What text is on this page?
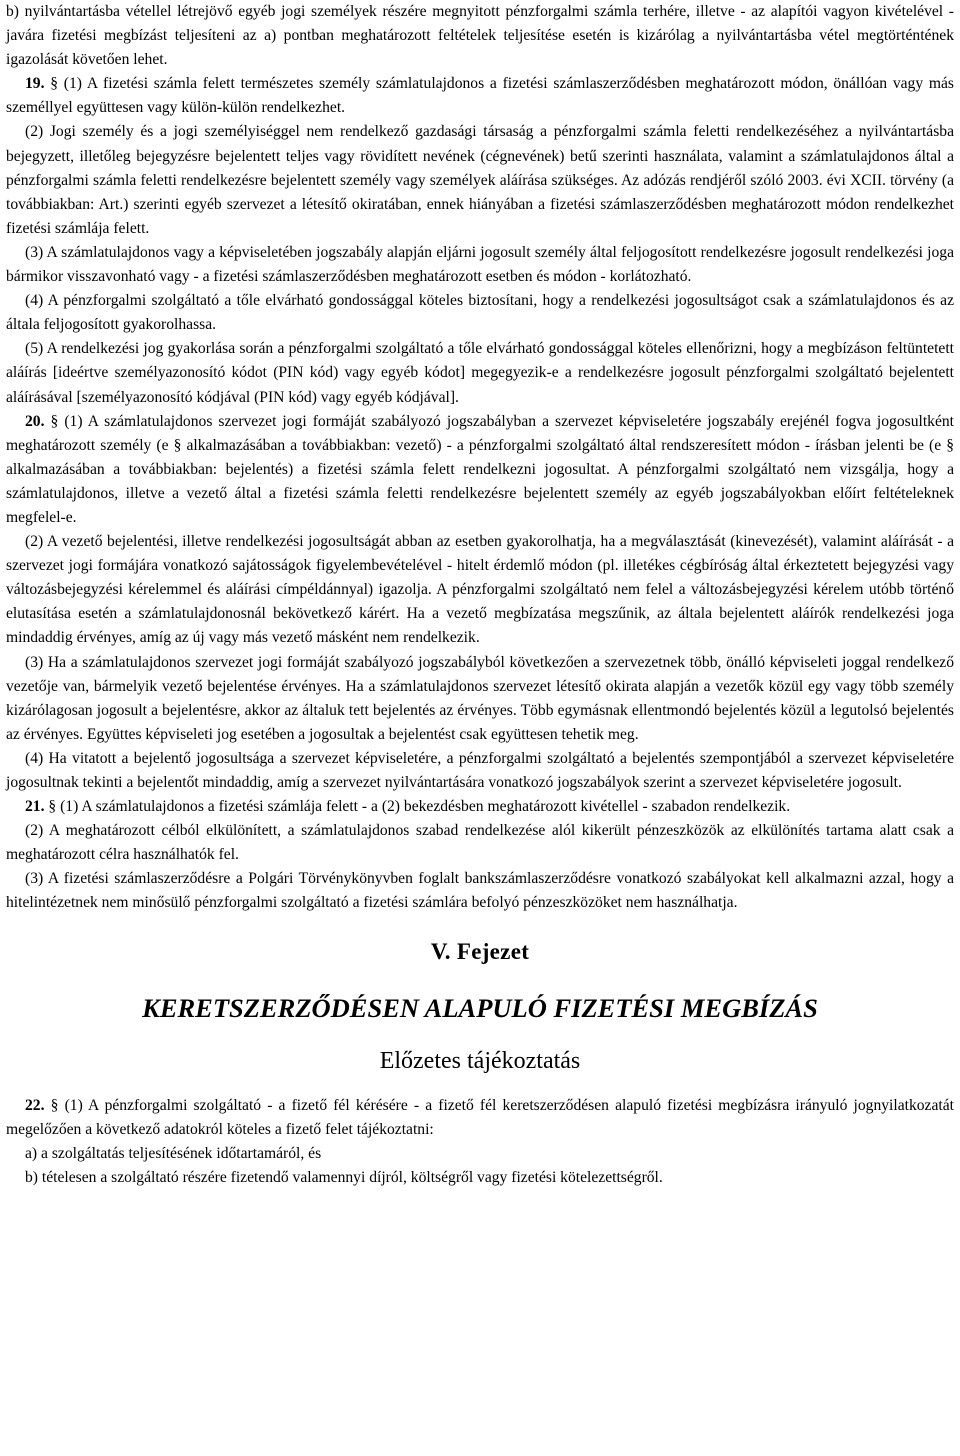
b) nyilvántartásba vétellel létrejövő egyéb jogi személyek részére megnyitott pénzforgalmi számla terhére, illetve - az alapítói vagyon kivételével - javára fizetési megbízást teljesíteni az a) pontban meghatározott feltételek teljesítése esetén is kizárólag a nyilvántartásba vétel megtörténtének igazolását követően lehet.

19. § (1) A fizetési számla felett természetes személy számlatulajdonos a fizetési számlaszerződésben meghatározott módon, önállóan vagy más személlyel együttesen vagy külön-külön rendelkezhet.

(2) Jogi személy és a jogi személyiséggel nem rendelkező gazdasági társaság a pénzforgalmi számla feletti rendelkezéséhez a nyilvántartásba bejegyzett, illetőleg bejegyzésre bejelentett teljes vagy rövidített nevének (cégnevének) betű szerinti használata, valamint a számlatulajdonos által a pénzforgalmi számla feletti rendelkezésre bejelentett személy vagy személyek aláírása szükséges. Az adózás rendjéről szóló 2003. évi XCII. törvény (a továbbiakban: Art.) szerinti egyéb szervezet a létesítő okiratában, ennek hiányában a fizetési számlaszerződésben meghatározott módon rendelkezhet fizetési számlája felett.

(3) A számlatulajdonos vagy a képviseletében jogszabály alapján eljárni jogosult személy által feljogosított rendelkezésre jogosult rendelkezési joga bármikor visszavonható vagy - a fizetési számlaszerződésben meghatározott esetben és módon - korlátozható.

(4) A pénzforgalmi szolgáltató a tőle elvárható gondossággal köteles biztosítani, hogy a rendelkezési jogosultságot csak a számlatulajdonos és az általa feljogosított gyakorolhassa.

(5) A rendelkezési jog gyakorlása során a pénzforgalmi szolgáltató a tőle elvárható gondossággal köteles ellenőrizni, hogy a megbízáson feltüntetett aláírás [ideértve személyazonosító kódot (PIN kód) vagy egyéb kódot] megegyezik-e a rendelkezésre jogosult pénzforgalmi szolgáltató bejelentett aláírásával [személyazonosító kódjával (PIN kód) vagy egyéb kódjával].

20. § (1) A számlatulajdonos szervezet jogi formáját szabályozó jogszabályban a szervezet képviseletére jogszabály erejénél fogva jogosultként meghatározott személy (e § alkalmazásában a továbbiakban: vezető) - a pénzforgalmi szolgáltató által rendszeresített módon - írásban jelenti be (e § alkalmazásában a továbbiakban: bejelentés) a fizetési számla felett rendelkezni jogosultat. A pénzforgalmi szolgáltató nem vizsgálja, hogy a számlatulajdonos, illetve a vezető által a fizetési számla feletti rendelkezésre bejelentett személy az egyéb jogszabályokban előírt feltételeknek megfelel-e.

(2) A vezető bejelentési, illetve rendelkezési jogosultságát abban az esetben gyakorolhatja, ha a megválasztását (kinevezését), valamint aláírását - a szervezet jogi formájára vonatkozó sajátosságok figyelembevételével - hitelt érdemlő módon (pl. illetékes cégbíróság által érkeztetett bejegyzési vagy változásbejegyzési kérelemmel és aláírási címpéldánnyal) igazolja. A pénzforgalmi szolgáltató nem felel a változásbejegyzési kérelem utóbb történő elutasítása esetén a számlatulajdonosnál bekövetkező kárért. Ha a vezető megbízatása megszűnik, az általa bejelentett aláírók rendelkezési joga mindaddig érvényes, amíg az új vagy más vezető másként nem rendelkezik.

(3) Ha a számlatulajdonos szervezet jogi formáját szabályozó jogszabályból következően a szervezetnek több, önálló képviseleti joggal rendelkező vezetője van, bármelyik vezető bejelentése érvényes. Ha a számlatulajdonos szervezet létesítő okirata alapján a vezetők közül egy vagy több személy kizárólagosan jogosult a bejelentésre, akkor az általuk tett bejelentés az érvényes. Több egymásnak ellentmondó bejelentés közül a legutolsó bejelentés az érvényes. Együttes képviseleti jog esetében a jogosultak a bejelentést csak együttesen tehetik meg.

(4) Ha vitatott a bejelentő jogosultsága a szervezet képviseletére, a pénzforgalmi szolgáltató a bejelentés szempontjából a szervezet képviseletére jogosultnak tekinti a bejelentőt mindaddig, amíg a szervezet nyilvántartására vonatkozó jogszabályok szerint a szervezet képviseletére jogosult.

21. § (1) A számlatulajdonos a fizetési számlája felett - a (2) bekezdésben meghatározott kivétellel - szabadon rendelkezik.

(2) A meghatározott célból elkülönített, a számlatulajdonos szabad rendelkezése alól kikerült pénzeszközök az elkülönítés tartama alatt csak a meghatározott célra használhatók fel.

(3) A fizetési számlaszerződésre a Polgári Törvénykönyvben foglalt bankszámlaszerződésre vonatkozó szabályokat kell alkalmazni azzal, hogy a hitelintézetnek nem minősülő pénzforgalmi szolgáltató a fizetési számlára befolyó pénzeszközöket nem használhatja.

V. Fejezet
KERETSZERZŐDÉSEN ALAPULÓ FIZETÉSI MEGBÍZÁS
Előzetes tájékoztatás

22. § (1) A pénzforgalmi szolgáltató - a fizető fél kérésére - a fizető fél keretszerződésen alapuló fizetési megbízásra irányuló jognyilatkozatát megelőzően a következő adatokról köteles a fizető felet tájékoztatni:

a) a szolgáltatás teljesítésének időtartamáról, és

b) tételesen a szolgáltató részére fizetendő valamennyi díjról, költségről vagy fizetési kötelezettségről.
